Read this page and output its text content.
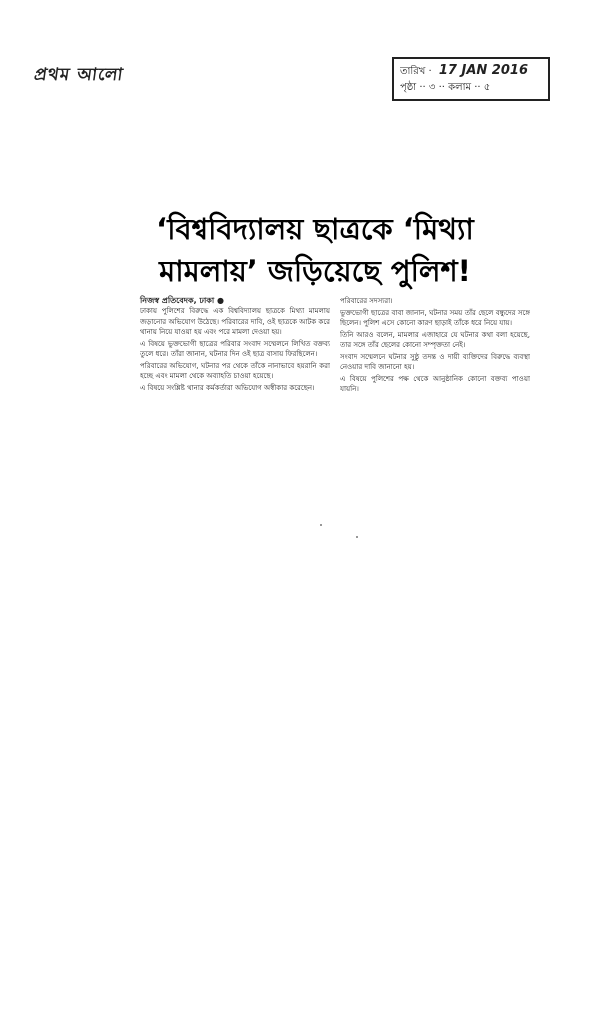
প্রথম আলো	তারিখ · 17 JAN 2016
পৃষ্ঠা ·· ৩ ·· কলাম ·· ৫
‘বিশ্ববিদ্যালয় ছাত্রকে ‘মিথ্যা
মামলায়’ জড়িয়েছে পুলিশ!
নিজস্ব প্রতিবেদক, ঢাকা ●

ঢাকায় পুলিশের বিরুদ্ধে এক বিশ্ববিদ্যালয় ছাত্রকে মিথ্যা মামলায় জড়ানোর অভিযোগ উঠেছে। পরিবারের দাবি, ওই ছাত্রকে আটক করে থানায় নিয়ে যাওয়া হয় এবং পরে মামলা দেওয়া হয়।

এ বিষয়ে ভুক্তভোগী ছাত্রের পরিবার সংবাদ সম্মেলনে লিখিত বক্তব্য তুলে ধরে। তাঁরা জানান, ঘটনার দিন ওই ছাত্র বাসায় ফিরছিলেন।

পরিবারের অভিযোগ, ঘটনার পর থেকে তাঁকে নানাভাবে হয়রানি করা হচ্ছে এবং মামলা থেকে অব্যাহতি চাওয়া হয়েছে।

এ বিষয়ে সংশ্লিষ্ট থানার কর্মকর্তারা অভিযোগ অস্বীকার করেছেন।

পরিবারের সদস্যরা।

ভুক্তভোগী ছাত্রের বাবা জানান, ঘটনার সময় তাঁর ছেলে বন্ধুদের সঙ্গে ছিলেন। পুলিশ এসে কোনো কারণ ছাড়াই তাঁকে ধরে নিয়ে যায়।

তিনি আরও বলেন, মামলার এজাহারে যে ঘটনার কথা বলা হয়েছে, তার সঙ্গে তাঁর ছেলের কোনো সম্পৃক্ততা নেই।

সংবাদ সম্মেলনে ঘটনার সুষ্ঠু তদন্ত ও দায়ী ব্যক্তিদের বিরুদ্ধে ব্যবস্থা নেওয়ার দাবি জানানো হয়।

এ বিষয়ে পুলিশের পক্ষ থেকে আনুষ্ঠানিক কোনো বক্তব্য পাওয়া যায়নি।
